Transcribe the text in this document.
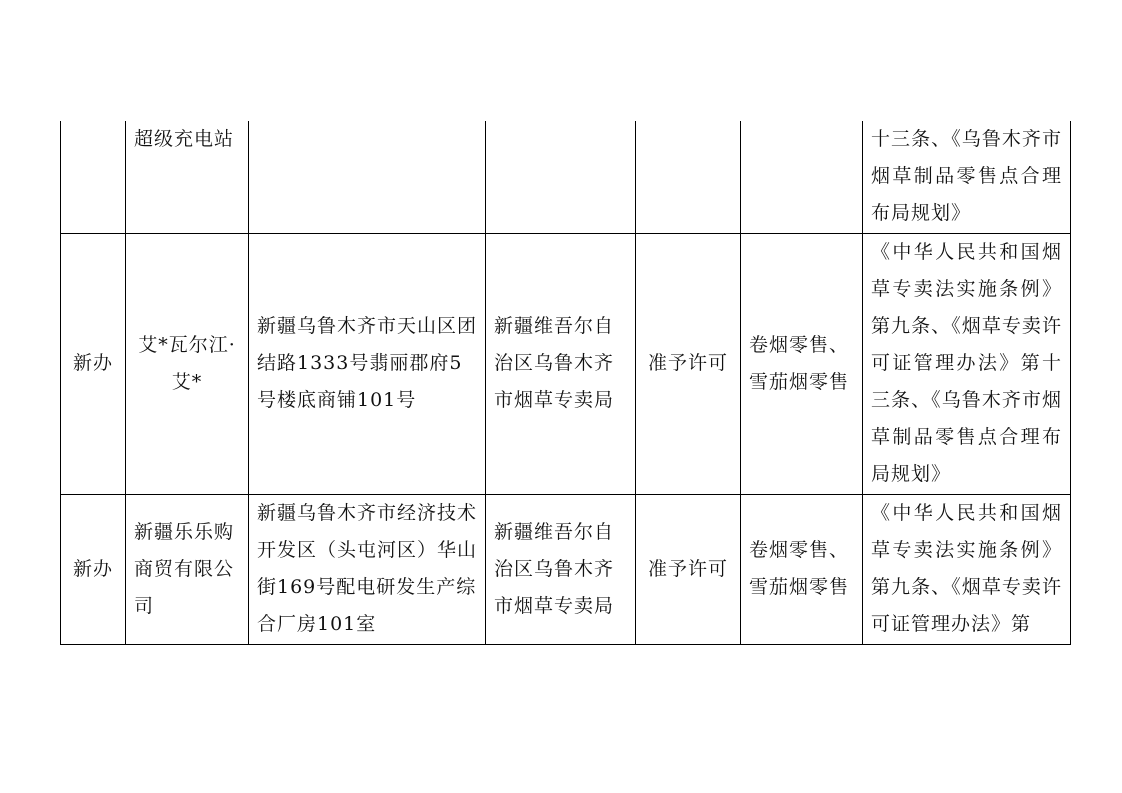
	超级充电站					十三条、《乌鲁木齐市烟草制品零售点合理布局规划》
新办	艾*瓦尔江·艾*	新疆乌鲁木齐市天山区团结路1333号翡丽郡府5号楼底商铺101号	新疆维吾尔自治区乌鲁木齐市烟草专卖局	准予许可	卷烟零售、雪茄烟零售	《中华人民共和国烟草专卖法实施条例》第九条、《烟草专卖许可证管理办法》第十三条、《乌鲁木齐市烟草制品零售点合理布局规划》
新办	新疆乐乐购商贸有限公司	新疆乌鲁木齐市经济技术开发区（头屯河区）华山街169号配电研发生产综合厂房101室	新疆维吾尔自治区乌鲁木齐市烟草专卖局	准予许可	卷烟零售、雪茄烟零售	《中华人民共和国烟草专卖法实施条例》第九条、《烟草专卖许可证管理办法》第
